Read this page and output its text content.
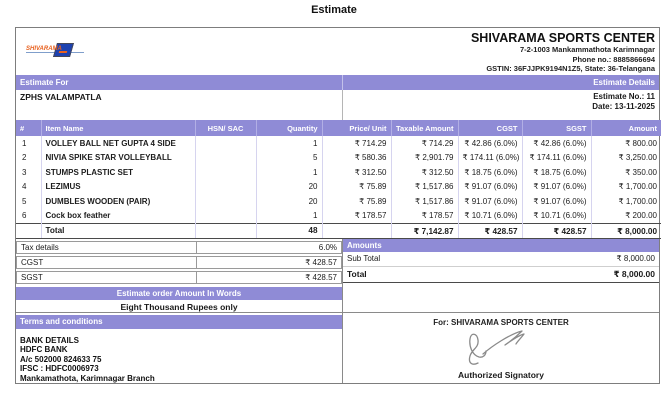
Estimate
SHIVARAMA
SHIVARAMA SPORTS CENTER
7-2-1003 Mankammathota Karimnagar
Phone no.: 8885866694
GSTIN: 36FJJPK9194N1Z5, State: 36-Telangana
Estimate For	Estimate Details
ZPHS VALAMPATLA	Estimate No.: 11
Date: 13-11-2025
#	Item Name	HSN/ SAC	Quantity	Price/ Unit	Taxable Amount	CGST	SGST	Amount
1	VOLLEY BALL NET GUPTA 4 SIDE		1	₹ 714.29	₹ 714.29	₹ 42.86 (6.0%)	₹ 42.86 (6.0%)	₹ 800.00
2	NIVIA SPIKE STAR VOLLEYBALL		5	₹ 580.36	₹ 2,901.79	₹ 174.11 (6.0%)	₹ 174.11 (6.0%)	₹ 3,250.00
3	STUMPS PLASTIC SET		1	₹ 312.50	₹ 312.50	₹ 18.75 (6.0%)	₹ 18.75 (6.0%)	₹ 350.00
4	LEZIMUS		20	₹ 75.89	₹ 1,517.86	₹ 91.07 (6.0%)	₹ 91.07 (6.0%)	₹ 1,700.00
5	DUMBLES WOODEN (PAIR)		20	₹ 75.89	₹ 1,517.86	₹ 91.07 (6.0%)	₹ 91.07 (6.0%)	₹ 1,700.00
6	Cock box feather		1	₹ 178.57	₹ 178.57	₹ 10.71 (6.0%)	₹ 10.71 (6.0%)	₹ 200.00
	Total		48		₹ 7,142.87	₹ 428.57	₹ 428.57	₹ 8,000.00
Tax details	6.0%
CGST	₹ 428.57
SGST	₹ 428.57
Estimate order Amount In Words
Eight Thousand Rupees only
Amounts
Sub Total	₹ 8,000.00
Total	₹ 8,000.00
Terms and conditions
BANK DETAILS
HDFC BANK
A/c 502000 824633 75
IFSC : HDFC0006973
Mankamathota, Karimnagar Branch
For: SHIVARAMA SPORTS CENTER
Authorized Signatory
